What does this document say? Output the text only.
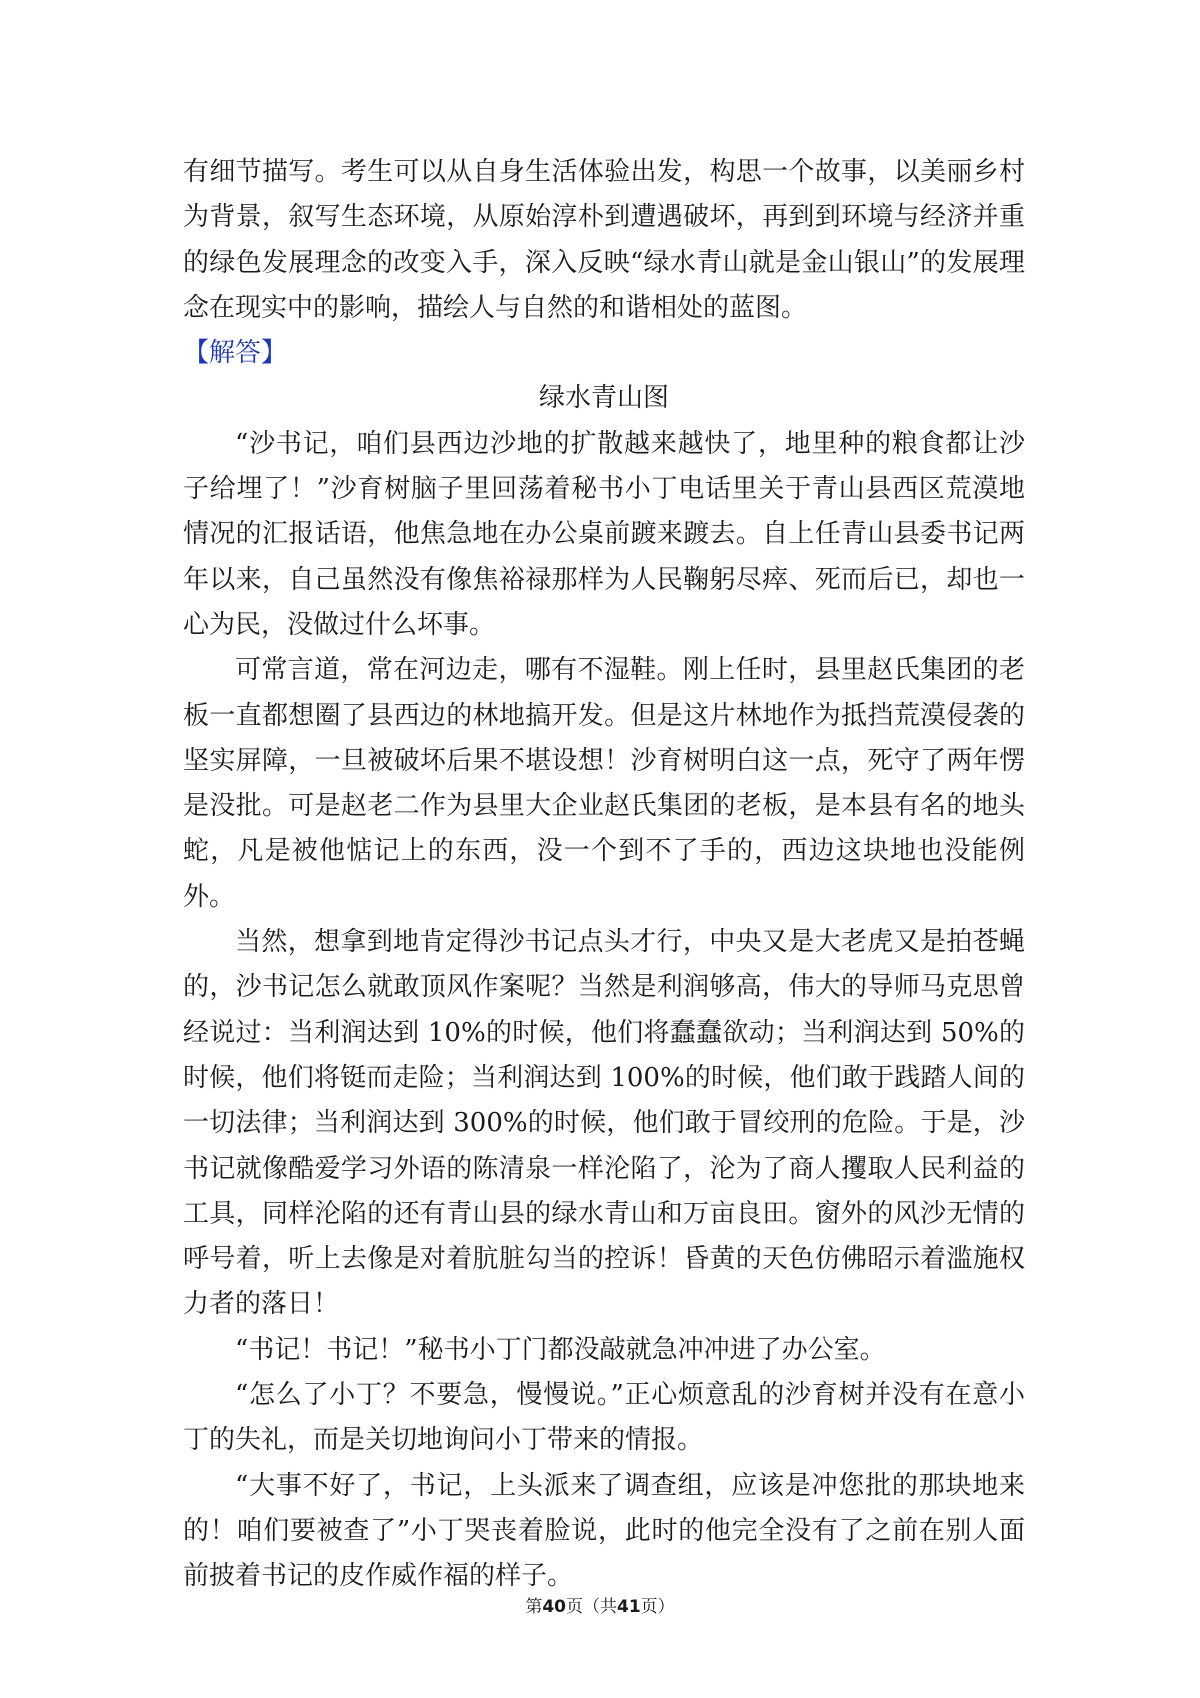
有细节描写。考生可以从自身生活体验出发，构思一个故事，以美丽乡村为背景，叙写生态环境，从原始淳朴到遭遇破坏，再到到环境与经济并重的绿色发展理念的改变入手，深入反映“绿水青山就是金山银山”的发展理念在现实中的影响，描绘人与自然的和谐相处的蓝图。

【解答】

绿水青山图

“沙书记，咱们县西边沙地的扩散越来越快了，地里种的粮食都让沙子给埋了！”沙育树脑子里回荡着秘书小丁电话里关于青山县西区荒漠地情况的汇报话语，他焦急地在办公桌前踱来踱去。自上任青山县委书记两年以来，自己虽然没有像焦裕禄那样为人民鞠躬尽瘁、死而后已，却也一心为民，没做过什么坏事。

可常言道，常在河边走，哪有不湿鞋。刚上任时，县里赵氏集团的老板一直都想圈了县西边的林地搞开发。但是这片林地作为抵挡荒漠侵袭的坚实屏障，一旦被破坏后果不堪设想！沙育树明白这一点，死守了两年愣是没批。可是赵老二作为县里大企业赵氏集团的老板，是本县有名的地头蛇，凡是被他惦记上的东西，没一个到不了手的，西边这块地也没能例外。

当然，想拿到地肯定得沙书记点头才行，中央又是大老虎又是拍苍蝇的，沙书记怎么就敢顶风作案呢？当然是利润够高，伟大的导师马克思曾经说过：当利润达到 10%的时候，他们将蠢蠢欲动；当利润达到 50%的时候，他们将铤而走险；当利润达到 100%的时候，他们敢于践踏人间的一切法律；当利润达到 300%的时候，他们敢于冒绞刑的危险。于是，沙书记就像酷爱学习外语的陈清泉一样沦陷了，沦为了商人攫取人民利益的工具，同样沦陷的还有青山县的绿水青山和万亩良田。窗外的风沙无情的呼号着，听上去像是对着肮脏勾当的控诉！昏黄的天色仿佛昭示着滥施权力者的落日！

“书记！书记！”秘书小丁门都没敲就急冲冲进了办公室。

“怎么了小丁？不要急，慢慢说。”正心烦意乱的沙育树并没有在意小丁的失礼，而是关切地询问小丁带来的情报。

“大事不好了，书记，上头派来了调查组，应该是冲您批的那块地来的！咱们要被查了”小丁哭丧着脸说，此时的他完全没有了之前在别人面前披着书记的皮作威作福的样子。

第40页（共41页）
